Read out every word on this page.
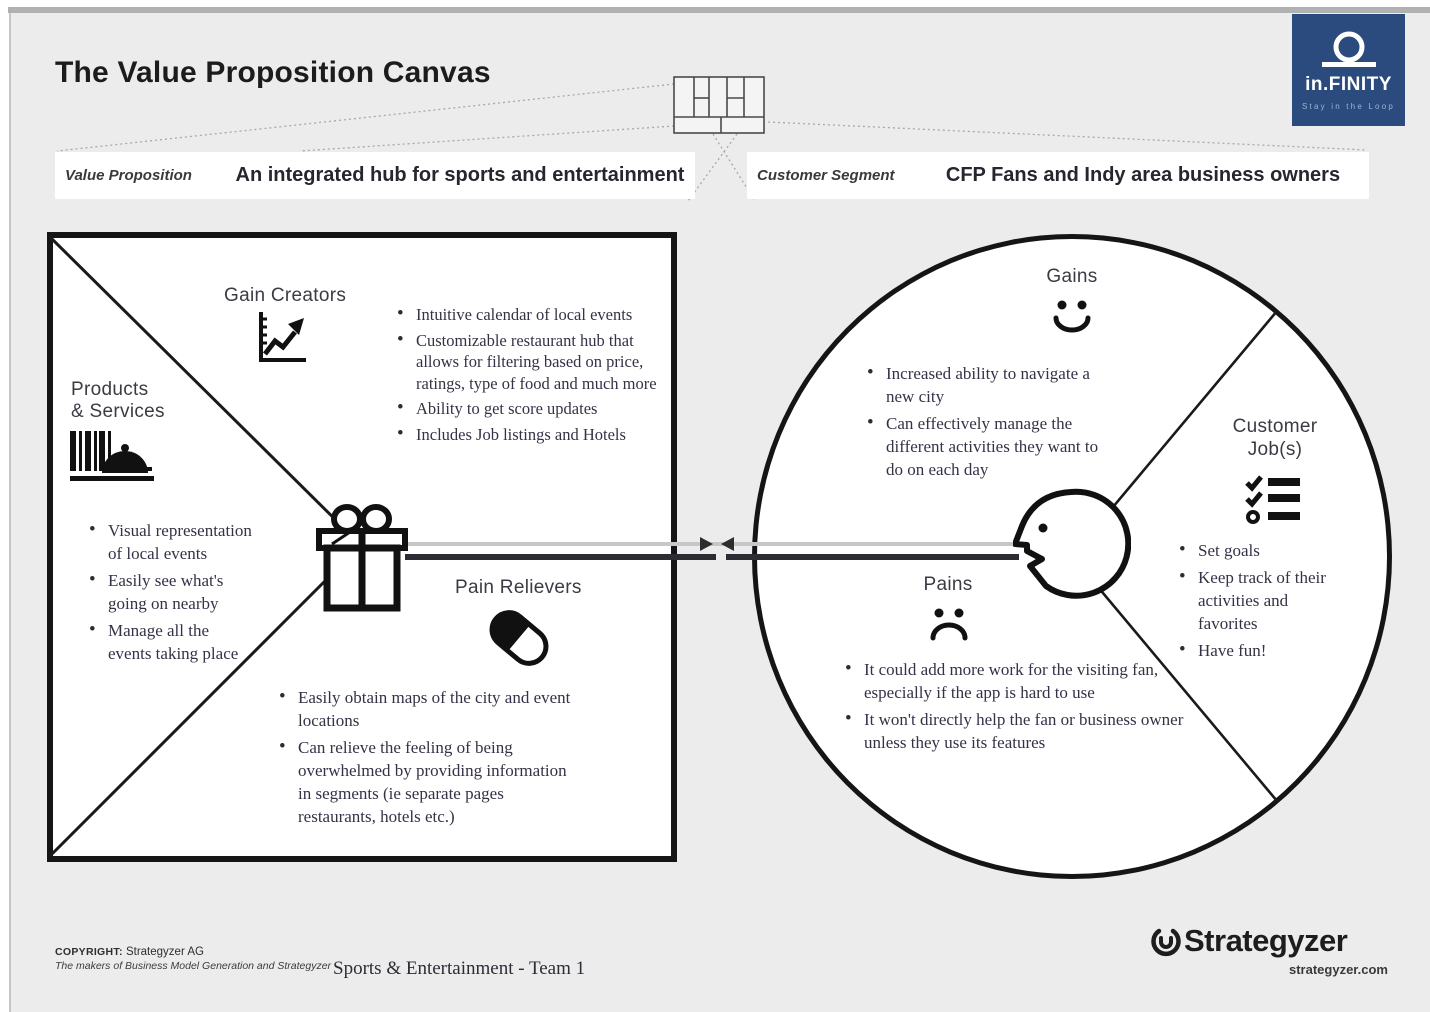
The Value Proposition Canvas
Value Proposition	An integrated hub for sports and entertainment	Customer Segment	CFP Fans and Indy area business owners
in.FINITY
Stay in the Loop
Gain Creators
• Intuitive calendar of local events
• Customizable restaurant hub that allows for filtering based on price, ratings, type of food and much more
• Ability to get score updates
• Includes Job listings and Hotels
Products
& Services
• Visual representation of local events
• Easily see what's going on nearby
• Manage all the events taking place
Pain Relievers
• Easily obtain maps of the city and event locations
• Can relieve the feeling of being overwhelmed by providing information in segments (ie separate pages restaurants, hotels etc.)
Gains
• Increased ability to navigate a new city
• Can effectively manage the different activities they want to do on each day
Customer
Job(s)
• Set goals
• Keep track of their activities and favorites
• Have fun!
Pains
• It could add more work for the visiting fan, especially if the app is hard to use
• It won't directly help the fan or business owner unless they use its features
COPYRIGHT: Strategyzer AG
The makers of Business Model Generation and Strategyzer Sports & Entertainment - Team 1
Strategyzer
strategyzer.com
